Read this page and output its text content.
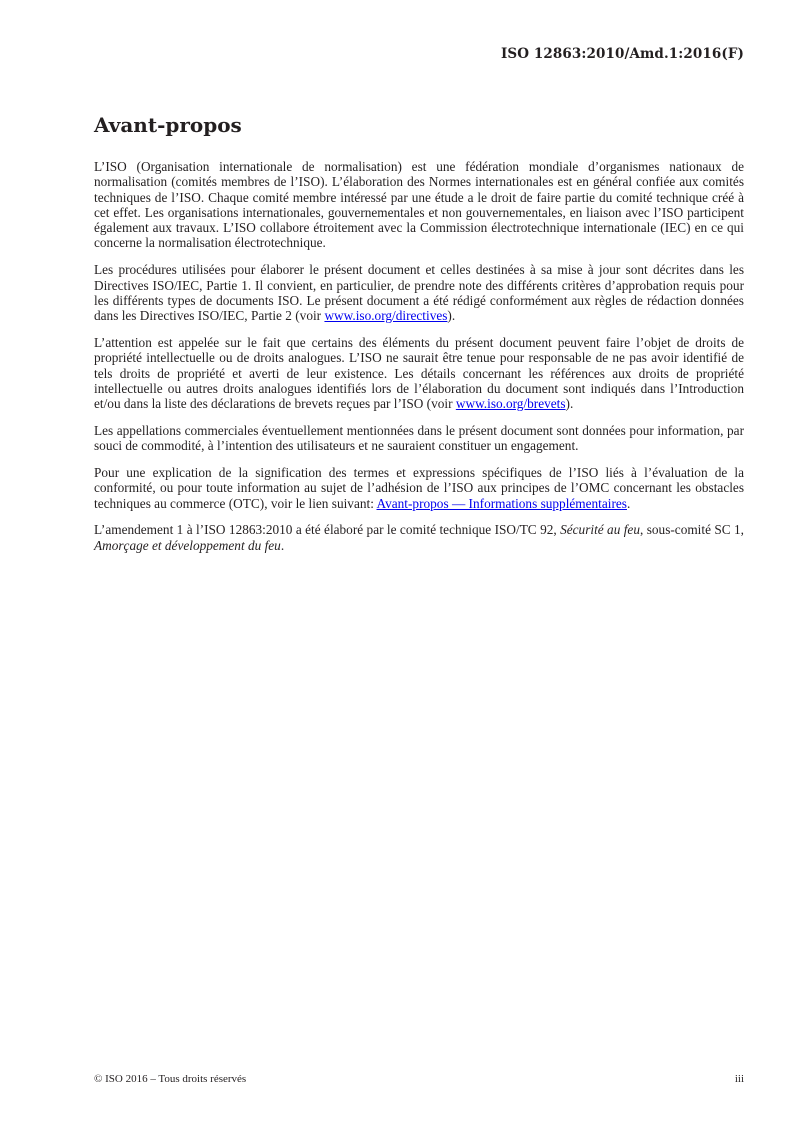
ISO 12863:2010/Amd.1:2016(F)
Avant-propos

L’ISO (Organisation internationale de normalisation) est une fédération mondiale d’organismes nationaux de normalisation (comités membres de l’ISO). L’élaboration des Normes internationales est en général confiée aux comités techniques de l’ISO. Chaque comité membre intéressé par une étude a le droit de faire partie du comité technique créé à cet effet. Les organisations internationales, gouvernementales et non gouvernementales, en liaison avec l’ISO participent également aux travaux. L’ISO collabore étroitement avec la Commission électrotechnique internationale (IEC) en ce qui concerne la normalisation électrotechnique.

Les procédures utilisées pour élaborer le présent document et celles destinées à sa mise à jour sont décrites dans les Directives ISO/IEC, Partie 1. Il convient, en particulier, de prendre note des différents critères d’approbation requis pour les différents types de documents ISO. Le présent document a été rédigé conformément aux règles de rédaction données dans les Directives ISO/IEC, Partie 2 (voir www.iso.org/directives).

L’attention est appelée sur le fait que certains des éléments du présent document peuvent faire l’objet de droits de propriété intellectuelle ou de droits analogues. L’ISO ne saurait être tenue pour responsable de ne pas avoir identifié de tels droits de propriété et averti de leur existence. Les détails concernant les références aux droits de propriété intellectuelle ou autres droits analogues identifiés lors de l’élaboration du document sont indiqués dans l’Introduction et/ou dans la liste des déclarations de brevets reçues par l’ISO (voir www.iso.org/brevets).

Les appellations commerciales éventuellement mentionnées dans le présent document sont données pour information, par souci de commodité, à l’intention des utilisateurs et ne sauraient constituer un engagement.

Pour une explication de la signification des termes et expressions spécifiques de l’ISO liés à l’évaluation de la conformité, ou pour toute information au sujet de l’adhésion de l’ISO aux principes de l’OMC concernant les obstacles techniques au commerce (OTC), voir le lien suivant: Avant-propos — Informations supplémentaires.

L’amendement 1 à l’ISO 12863:2010 a été élaboré par le comité technique ISO/TC 92, Sécurité au feu, sous-comité SC 1, Amorçage et développement du feu.

© ISO 2016 – Tous droits réservés	iii
